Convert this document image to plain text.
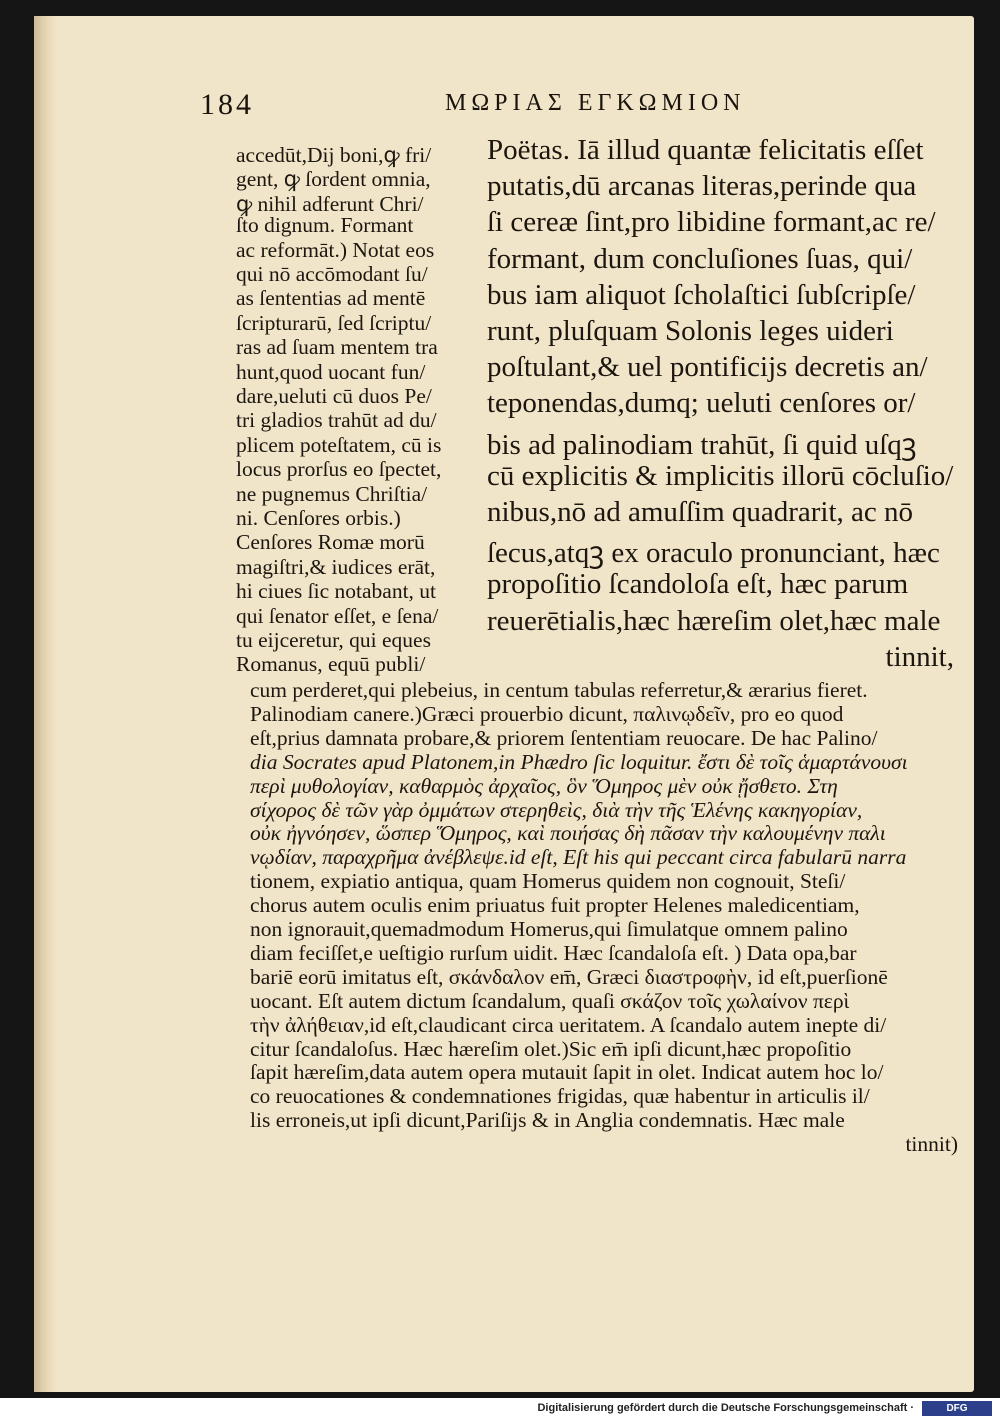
184	ΜΩΡΙΑΣ ΕΓΚΩΜΙΟΝ
accedūt,Dij boni,ꝙ fri/
gent, ꝙ ſordent omnia,
ꝙ nihil adferunt Chri/
ſto dignum. Formant
ac reformāt.) Notat eos
qui nō accōmodant ſu/
as ſententias ad mentē
ſcripturarū, ſed ſcriptu/
ras ad ſuam mentem tra
hunt,quod uocant fun/
dare,ueluti cū duos Pe/
tri gladios trahūt ad du/
plicem poteſtatem, cū is
locus prorſus eo ſpectet,
ne pugnemus Chriſtia/
ni. Cenſores orbis.)
Cenſores Romæ morū
magiſtri,& iudices erāt,
hi ciues ſic notabant, ut
qui ſenator eſſet, e ſena/
tu eijceretur, qui eques
Romanus, equū publi/
Poëtas. Iā illud quantæ felicitatis eſſet
putatis,dū arcanas literas,perinde qua
ſi cereæ ſint,pro libidine formant,ac re/
formant, dum concluſiones ſuas, qui/
bus iam aliquot ſcholaſtici ſubſcripſe/
runt, pluſquam Solonis leges uideri
poſtulant,& uel pontificijs decretis an/
teponendas,dumq; ueluti cenſores or/
bis ad palinodiam trahūt, ſi quid uſqꝫ
cū explicitis & implicitis illorū cōcluſio/
nibus,nō ad amuſſim quadrarit, ac nō
ſecus,atqꝫ ex oraculo pronunciant, hæc
propoſitio ſcandoloſa eſt, hæc parum
reuerētialis,hæc hæreſim olet,hæc male
tinnit,
cum perderet,qui plebeius, in centum tabulas referretur,& ærarius fieret.
Palinodiam canere.)Græci prouerbio dicunt, παλινῳδεῖν, pro eo quod
eſt,prius damnata probare,& priorem ſententiam reuocare. De hac Palino/
dia Socrates apud Platonem,in Phædro ſic loquitur. ἔστι δὲ τοῖς ἁμαρτάνουσι
περὶ μυθολογίαν, καθαρμὸς ἀρχαῖος, ὃν Ὅμηρος μὲν οὐκ ᾔσθετο. Στη
σίχορος δὲ τῶν γὰρ ὀμμάτων στερηθεὶς, διὰ τὴν τῆς Ἑλένης κακηγορίαν,
οὐκ ἠγνόησεν, ὥσπερ Ὅμηρος, καὶ ποιήσας δὴ πᾶσαν τὴν καλουμένην παλι
νῳδίαν, παραχρῆμα ἀνέβλεψε.id eſt, Eſt his qui peccant circa fabularū narra
tionem, expiatio antiqua, quam Homerus quidem non cognouit, Steſi/
chorus autem oculis enim priuatus fuit propter Helenes maledicentiam,
non ignorauit,quemadmodum Homerus,qui ſimulatque omnem palino
diam feciſſet,e ueſtigio rurſum uidit. Hæc ſcandaloſa eſt. ) Data opa,bar
bariē eorū imitatus eſt, σκάνδαλον em̄, Græci διαστροφὴν, id eſt,puerſionē
uocant. Eſt autem dictum ſcandalum, quaſi σκάζον τοῖς χωλαίνον περὶ
τὴν ἀλήθειαν,id eſt,claudicant circa ueritatem. A ſcandalo autem inepte di/
citur ſcandaloſus. Hæc hæreſim olet.)Sic em̄ ipſi dicunt,hæc propoſitio
ſapit hæreſim,data autem opera mutauit ſapit in olet. Indicat autem hoc lo/
co reuocationes & condemnationes frigidas, quæ habentur in articulis il/
lis erroneis,ut ipſi dicunt,Pariſijs & in Anglia condemnatis. Hæc male
tinnit)
Digitalisierung gefördert durch die Deutsche Forschungsgemeinschaft ·	DFG
